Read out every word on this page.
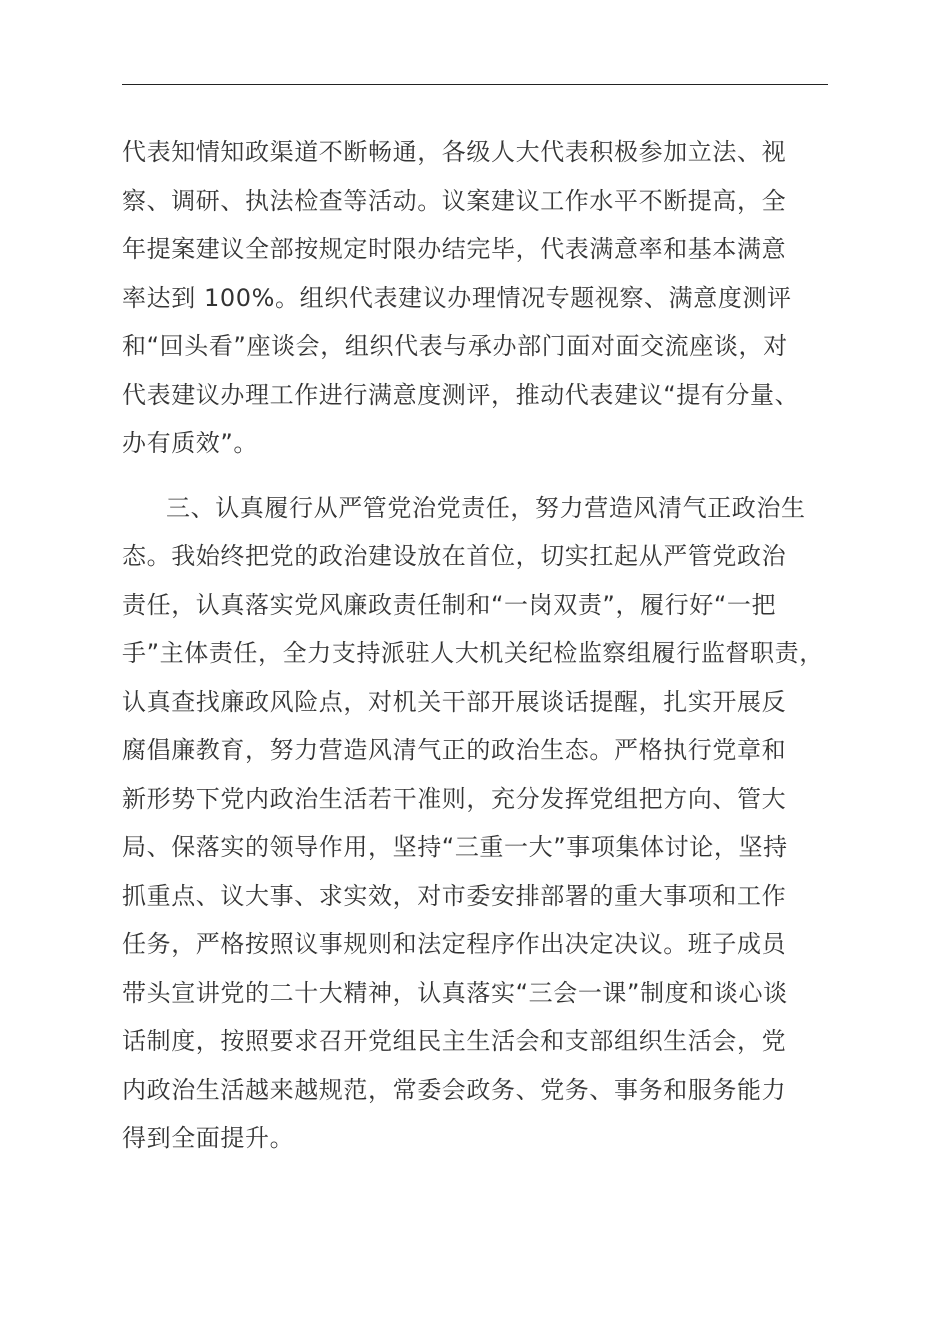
代表知情知政渠道不断畅通，各级人大代表积极参加立法、视
察、调研、执法检查等活动。议案建议工作水平不断提高，全
年提案建议全部按规定时限办结完毕，代表满意率和基本满意
率达到 100%。组织代表建议办理情况专题视察、满意度测评
和“回头看”座谈会，组织代表与承办部门面对面交流座谈，对
代表建议办理工作进行满意度测评，推动代表建议“提有分量、
办有质效”。

三、认真履行从严管党治党责任，努力营造风清气正政治生
态。我始终把党的政治建设放在首位，切实扛起从严管党政治
责任，认真落实党风廉政责任制和“一岗双责”，履行好“一把
手”主体责任，全力支持派驻人大机关纪检监察组履行监督职责，
认真查找廉政风险点，对机关干部开展谈话提醒，扎实开展反
腐倡廉教育，努力营造风清气正的政治生态。严格执行党章和
新形势下党内政治生活若干准则，充分发挥党组把方向、管大
局、保落实的领导作用，坚持“三重一大”事项集体讨论，坚持
抓重点、议大事、求实效，对市委安排部署的重大事项和工作
任务，严格按照议事规则和法定程序作出决定决议。班子成员
带头宣讲党的二十大精神，认真落实“三会一课”制度和谈心谈
话制度，按照要求召开党组民主生活会和支部组织生活会，党
内政治生活越来越规范，常委会政务、党务、事务和服务能力
得到全面提升。
